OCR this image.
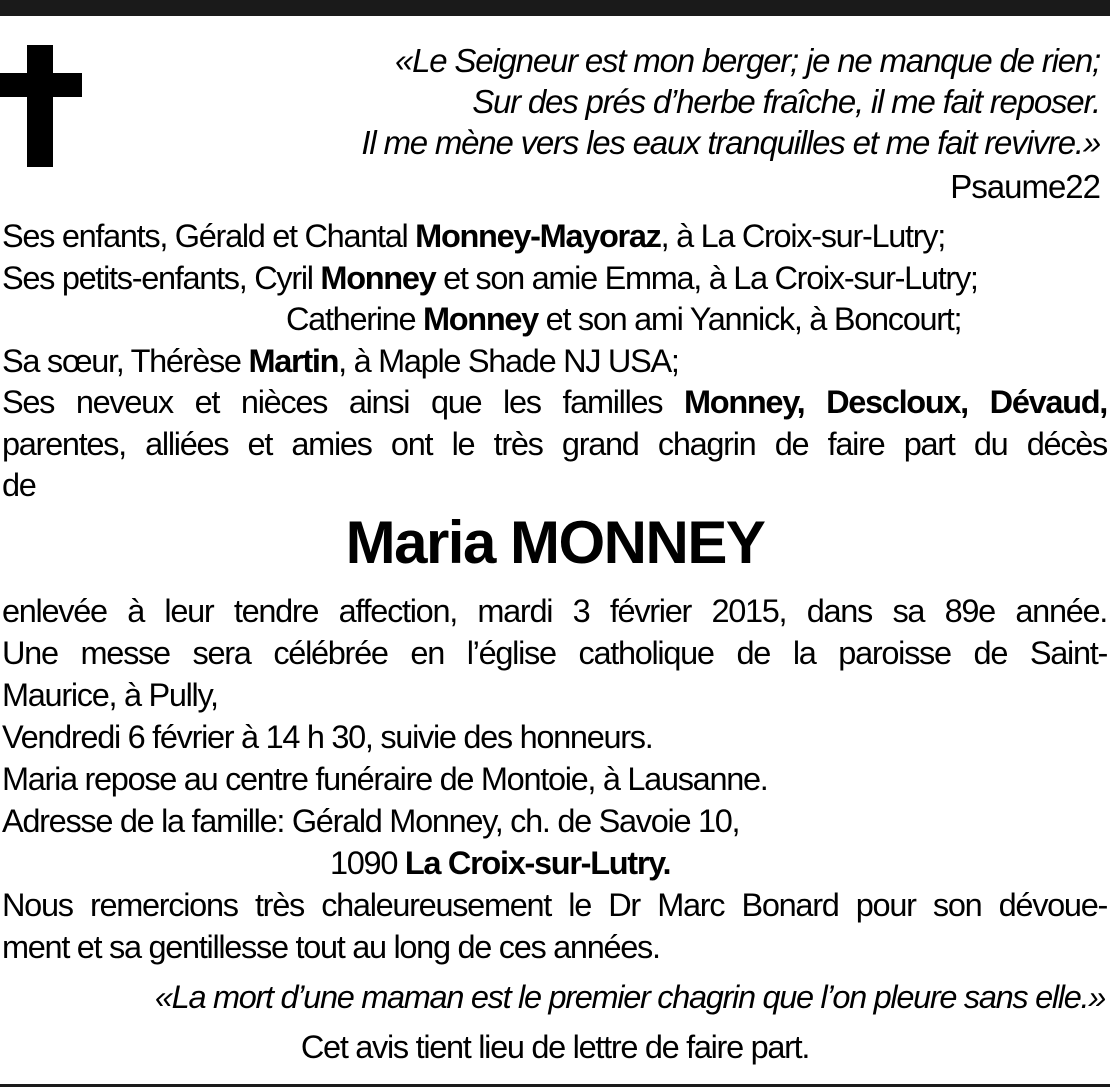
«Le Seigneur est mon berger; je ne manque de rien;
Sur des prés d’herbe fraîche, il me fait reposer.
Il me mène vers les eaux tranquilles et me fait revivre.»
Psaume22

Ses enfants, Gérald et Chantal Monney-Mayoraz, à La Croix-sur-Lutry;

Ses petits-enfants, Cyril Monney et son amie Emma, à La Croix-sur-Lutry;

Catherine Monney et son ami Yannick, à Boncourt;

Sa sœur, Thérèse Martin, à Maple Shade NJ USA;

Ses neveux et nièces ainsi que les familles Monney, Descloux, Dévaud,

parentes, alliées et amies ont le très grand chagrin de faire part du décès

de

Maria MONNEY

enlevée à leur tendre affection, mardi 3 février 2015, dans sa 89e année.

Une messe sera célébrée en l’église catholique de la paroisse de Saint-

Maurice, à Pully,

Vendredi 6 février à 14 h 30, suivie des honneurs.

Maria repose au centre funéraire de Montoie, à Lausanne.

Adresse de la famille: Gérald Monney, ch. de Savoie 10,

1090 La Croix-sur-Lutry.

Nous remercions très chaleureusement le Dr Marc Bonard pour son dévoue-

ment et sa gentillesse tout au long de ces années.

«La mort d’une maman est le premier chagrin que l’on pleure sans elle.»
Cet avis tient lieu de lettre de faire part.
